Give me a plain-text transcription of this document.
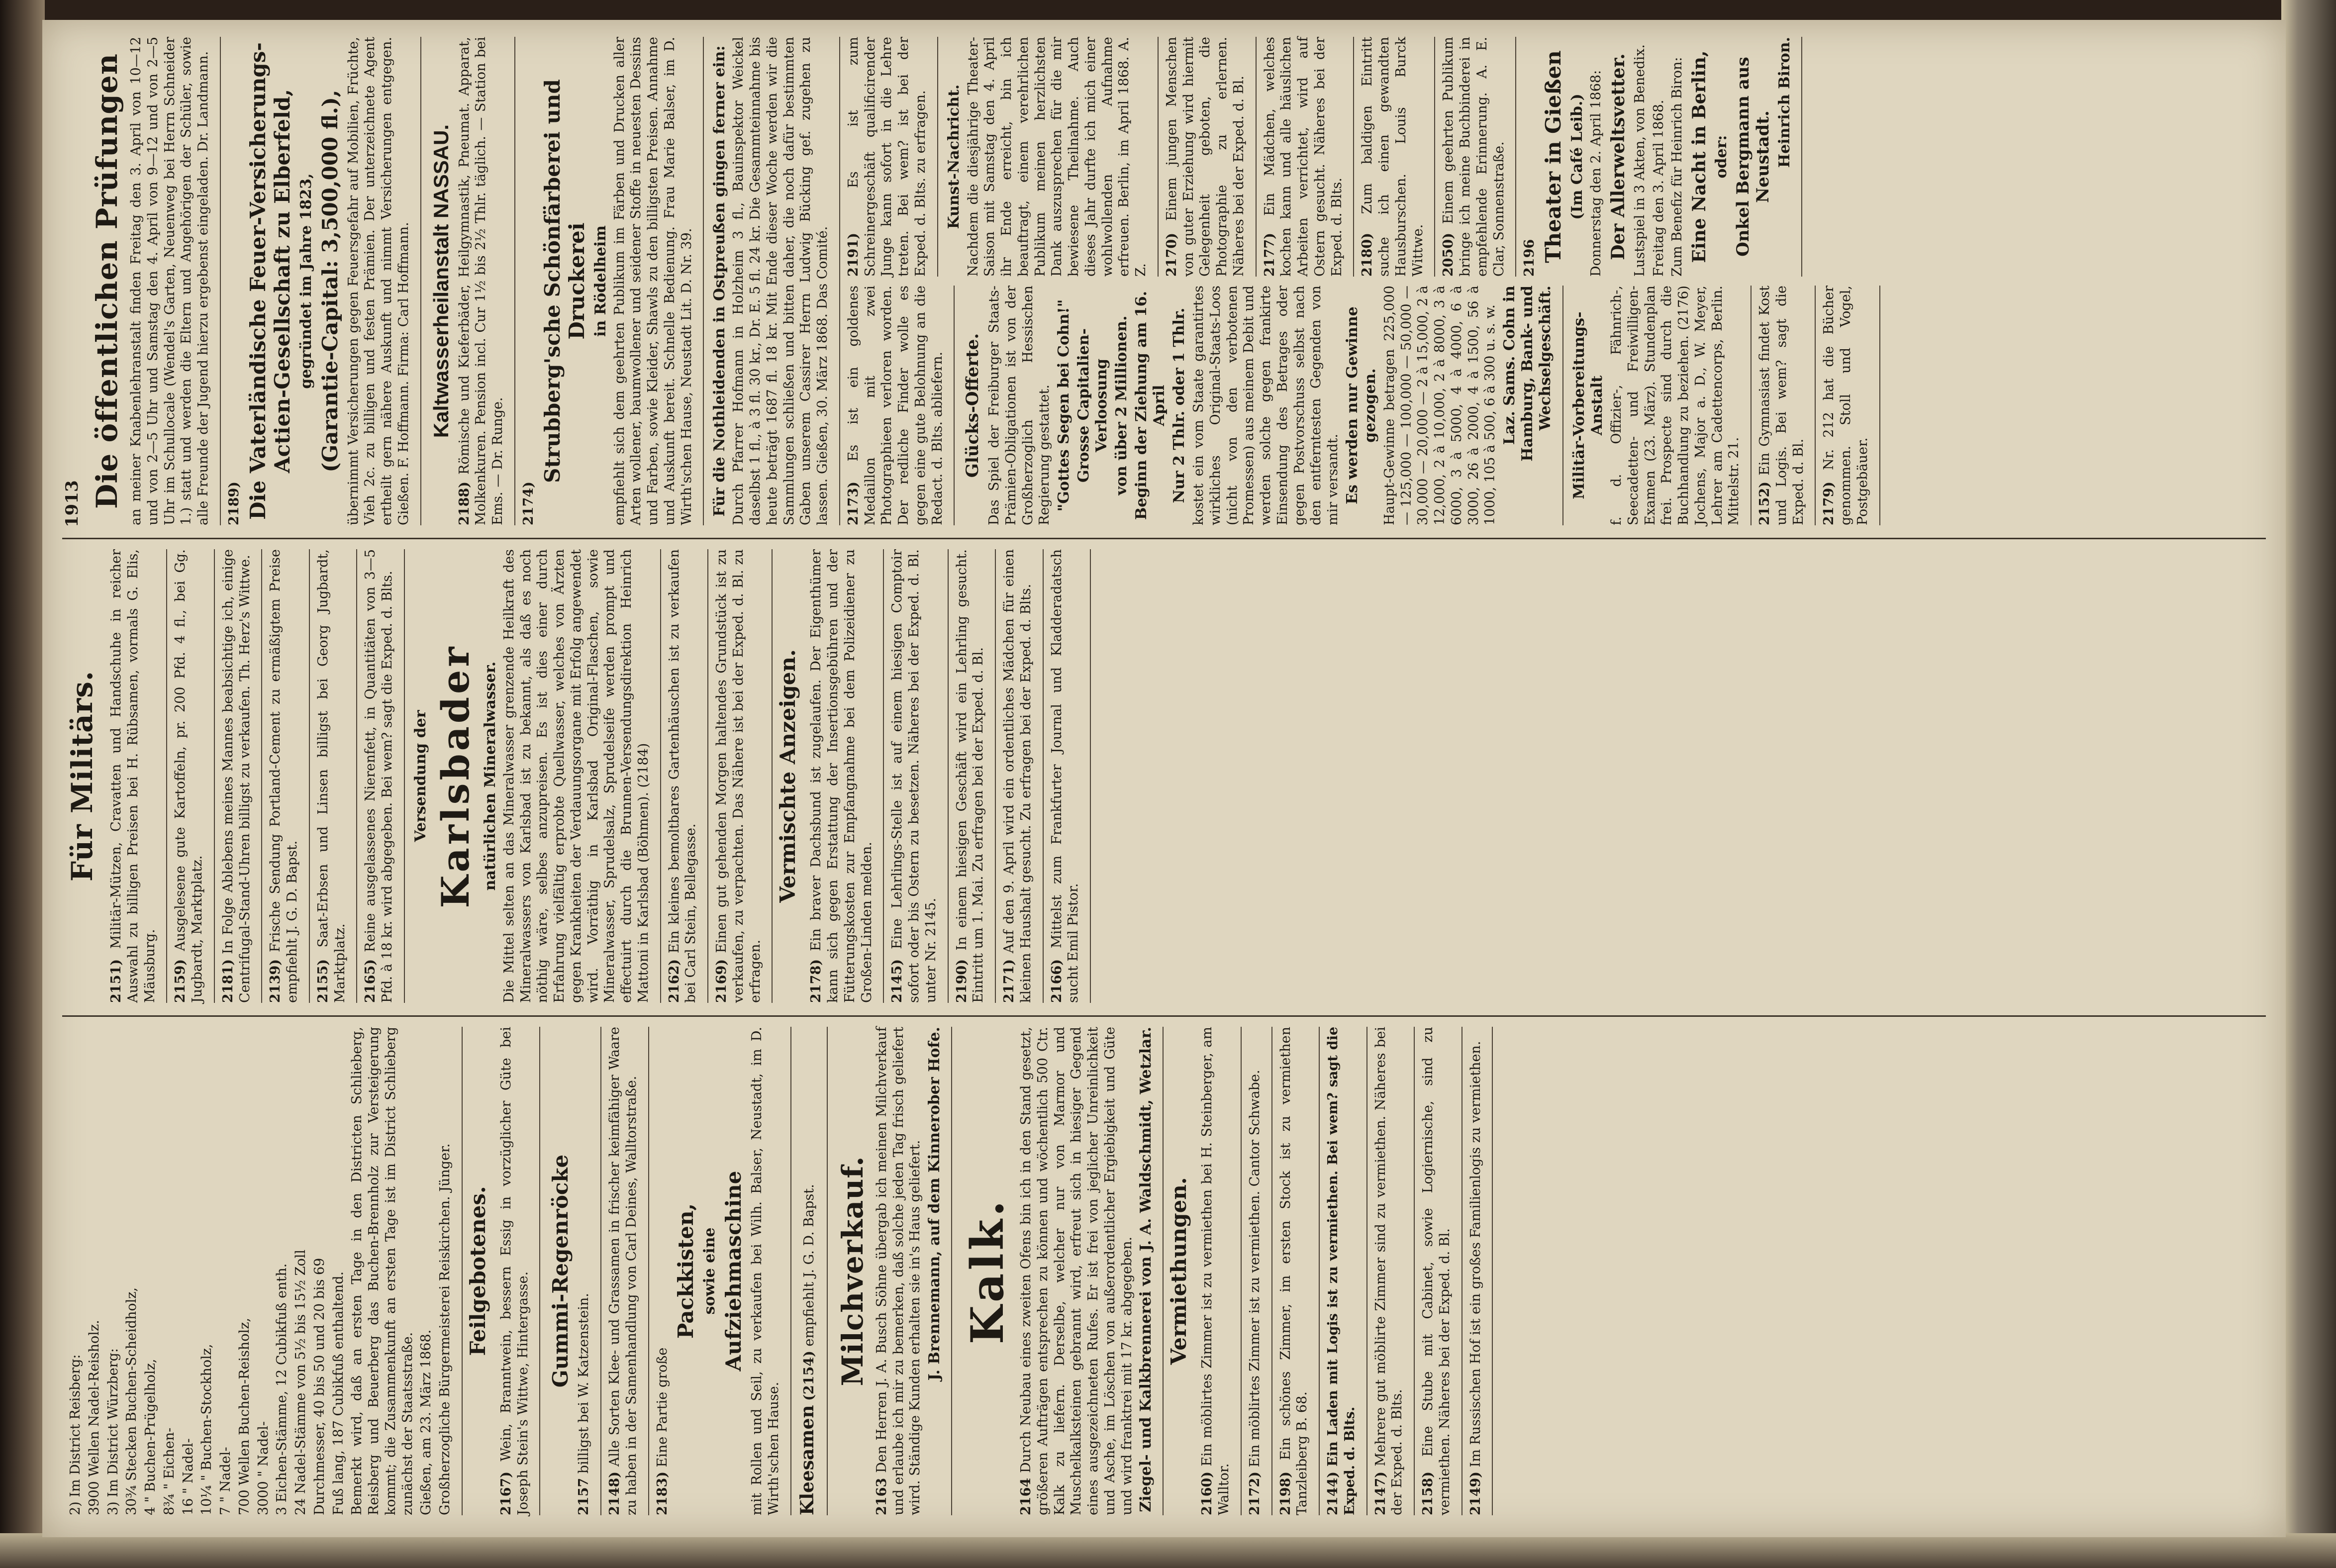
2) Im District Reisberg: 3900 Wellen Nadel-Reisholz. 3) Im District Würzberg: 30¾ Stecken Buchen-Scheidholz, 4 " Buchen-Prügelholz, 8¾ " Eichen- 16 " Nadel- 10¼ " Buchen-Stockholz, 7 " Nadel- 700 Wellen Buchen-Reisholz, 3000 " Nadel- 3 Eichen-Stämme, 12 Cubikfuß enth. 24 Nadel-Stämme von 5½ bis 15½ Zoll Durchmesser, 40 bis 50 und 20 bis 69 Fuß lang, 187 Cubikfuß enthaltend. Bemerkt wird, daß an ersten Tage in den Districten Schlieberg, Reisberg und Beuerberg das Buchen-Brennholz zur Versteigerung kommt; die Zusammenkunft an ersten Tage ist im District Schlieberg zunächst der Staatsstraße. Gießen, am 23. März 1868. Großherzogliche Bürgermeisterei Reiskirchen. Jünger. Feilgebotenes.

2167) Wein, Branntwein, bessern Essig in vorzüglicher Güte bei Joseph Stein's Wittwe, Hintergasse.

Gummi-Regenröcke

2157 billigst bei W. Katzenstein.

2148) Alle Sorten Klee- und Grassamen in frischer keimfähiger Waare zu haben in der Samenhandlung von Carl Deines, Walltorstraße. 2183) Eine Partie große

Packkisten, sowie eine Aufziehmaschine mit Rollen und Seil, zu verkaufen bei Wilh. Balser, Neustadt, im D. Wirth'schen Hause. Kleesamen (2154) empfiehlt J. G. D. Bapst. Milchverkauf.

2163 Den Herren J. A. Busch Söhne übergab ich meinen Milchverkauf und erlaube ich mir zu bemerken, daß solche jeden Tag frisch geliefert wird. Ständige Kunden erhalten sie in's Haus geliefert. J. Brennemann, auf dem Kinnerober Hofe. Kalk.

2164 Durch Neubau eines zweiten Ofens bin ich in den Stand gesetzt, größeren Aufträgen entsprechen zu können und wöchentlich 500 Ctr. Kalk zu liefern. Derselbe, welcher nur von Marmor und Muschelkalksteinen gebrannt wird, erfreut sich in hiesiger Gegend eines ausgezeichneten Rufes. Er ist frei von jeglicher Unreinlichkeit und Asche, im Löschen von außerordentlicher Ergiebigkeit und Güte und wird franktrei mit 17 kr. abgegeben. Ziegel- und Kalkbrennerei von J. A. Waldschmidt, Wetzlar. Vermiethungen.

2160) Ein möblirtes Zimmer ist zu vermiethen bei H. Steinberger, am Walltor. 2172) Ein möblirtes Zimmer ist zu vermiethen. Cantor Schwabe.

2198) Ein schönes Zimmer, im ersten Stock ist zu vermiethen Tanzleiberg B. 68. 2144) Ein Laden mit Logis ist zu vermiethen. Bei wem? sagt die Exped. d. Blts. 2147) Mehrere gut möblirte Zimmer sind zu vermiethen. Näheres bei der Exped. d. Blts. 2158) Eine Stube mit Cabinet, sowie Logiernische, sind zu vermiethen. Näheres bei der Exped. d. Bl. 2149) Im Russischen Hof ist ein großes Familienlogis zu vermiethen.

Für Militärs.

2151) Militär-Mützen, Cravatten und Handschuhe in reicher Auswahl zu billigen Preisen bei H. Rübsamen, vormals G. Elis, Mäusburg. 2159) Ausgelesene gute Kartoffeln, pr. 200 Pfd. 4 fl., bei Gg. Jugbardt, Marktplatz. 2181) In Folge Ablebens meines Mannes beabsichtige ich, einige Centrifugal-Stand-Uhren billigst zu verkaufen. Th. Herz's Wittwe. 2139) Frische Sendung Portland-Cement zu ermäßigtem Preise empfiehlt J. G. D. Bapst. 2155) Saat-Erbsen und Linsen billigst bei Georg Jugbardt, Marktplatz. 2165) Reine ausgelassenes Nierenfett, in Quantitäten von 3—5 Pfd. à 18 kr. wird abgegeben. Bei wem? sagt die Exped. d. Blts. Versendung der Karlsbader natürlichen Mineralwasser. Die Mittel selten an das Mineralwasser grenzende Heilkraft des Mineralwassers von Karlsbad ist zu bekannt, als daß es noch nöthig wäre, selbes anzupreisen. Es ist dies einer durch Erfahrung vielfältig erprobte Quellwasser, welches von Ärzten gegen Krankheiten der Verdauungsorgane mit Erfolg angewendet wird. Vorräthig in Karlsbad Original-Flaschen, sowie Mineralwasser, Sprudelsalz, Sprudelseife werden prompt und effectuirt durch die Brunnen-Versendungsdirektion Heinrich Mattoni in Karlsbad (Böhmen). (2184) 2162) Ein kleines bemoltbares Gartenhäuschen ist zu verkaufen bei Carl Stein, Bellegasse. 2169) Einen gut gehenden Morgen haltendes Grundstück ist zu verkaufen, zu verpachten. Das Nähere ist bei der Exped. d. Bl. zu erfragen.

Vermischte Anzeigen.

2178) Ein braver Dachsbund ist zugelaufen. Der Eigenthümer kann sich gegen Erstattung der Insertionsgebühren und der Fütterungskosten zur Empfangnahme bei dem Polizeidiener zu Großen-Linden melden. 2145) Eine Lehrlings-Stelle ist auf einem hiesigen Comptoir sofort oder bis Ostern zu besetzen. Näheres bei der Exped. d. Bl. unter Nr. 2145. 2190) In einem hiesigen Geschäft wird ein Lehrling gesucht. Eintritt um 1. Mai. Zu erfragen bei der Exped. d. Bl. 2171) Auf den 9. April wird ein ordentliches Mädchen für einen kleinen Haushalt gesucht. Zu erfragen bei der Exped. d. Blts. 2166) Mittelst zum Frankfurter Journal und Kladderadatsch sucht Emil Pistor.

1913 Die öffentlichen Prüfungen an meiner Knabenlehranstalt finden Freitag den 3. April von 10—12 und von 2—5 Uhr und Samstag den 4. April von 9—12 und von 2—5 Uhr im Schullocale (Wendel's Garten, Neuenweg bei Herrn Schneider 1.) statt und werden die Eltern und Angehörigen der Schüler, sowie alle Freunde der Jugend hierzu ergebenst eingeladen. Dr. Landmann. 2189) Die Vaterländische Feuer-Versicherungs-Actien-Gesellschaft zu Elberfeld, gegründet im Jahre 1823, (Garantie-Capital: 3,500,000 fl.), übernimmt Versicherungen gegen Feuersgefahr auf Mobilien, Früchte, Vieh 2c. zu billigen und festen Prämien. Der unterzeichnete Agent ertheilt gern nähere Auskunft und nimmt Versicherungen entgegen. Gießen. F. Hoffmann. Firma: Carl Hoffmann. Kaltwasserheilanstalt NASSAU.

2188) Römische und Kieferbäder, Heilgymnastik, Pneumat. Apparat, Molkenkuren. Pension incl. Cur 1½ bis 2½ Thlr. täglich. — Station bei Ems. — Dr. Runge. 2174)

Strubberg'sche Schönfärberei und Druckerei in Rödelheim empfiehlt sich dem geehrten Publikum im Färben und Drucken aller Arten wollener, baumwollener und seidener Stoffe in neuesten Dessins und Farben, sowie Kleider, Shawls zu den billigsten Preisen. Annahme und Auskunft bereit. Schnelle Bedienung. Frau Marie Balser, im D. Wirth'schen Hause, Neustadt Lit. D. Nr. 39. Für die Nothleidenden in Ostpreußen gingen ferner ein: Durch Pfarrer Hofmann in Holzheim 3 fl., Bauinspektor Weickel daselbst 1 fl., à 3 fl. 30 kr., Dr. E. 5 fl. 24 kr. Die Gesammteinnahme bis heute beträgt 1687 fl. 18 kr. Mit Ende dieser Woche werden wir die Sammlungen schließen und bitten daher, die noch dafür bestimmten Gaben unserem Cassirer Herrn Ludwig Bücking gef. zugehen zu lassen. Gießen, 30. März 1868. Das Comité. 2173) Es ist ein goldenes Medaillon mit zwei Photographieen verloren worden. Der redliche Finder wolle es gegen eine gute Belohnung an die Redact. d. Blts. abliefern. Glücks-Offerte. Das Spiel der Freiburger Staats-Prämien-Obligationen ist von der Großherzoglich Hessischen Regierung gestattet. "Gottes Segen bei Cohn!" Grosse Capitalien-Verloosung von über 2 Millionen. Beginn der Ziehung am 16. April Nur 2 Thlr. oder 1 Thlr. kostet ein vom Staate garantirtes wirkliches Original-Staats-Loos (nicht von den verbotenen Promessen) aus meinem Debit und werden solche gegen frankirte Einsendung des Betrages oder gegen Postvorschuss selbst nach den entferntesten Gegenden von mir versandt. Es werden nur Gewinne gezogen. Haupt-Gewinne betragen 225,000 — 125,000 — 100,000 — 50,000 — 30,000 — 20,000 — 2 à 15,000, 2 à 12,000, 2 à 10,000, 2 à 8000, 3 à 6000, 3 à 5000, 4 à 4000, 6 à 3000, 26 à 2000, 4 à 1500, 56 à 1000, 105 à 500, 6 à 300 u. s. w. Laz. Sams. Cohn in Hamburg, Bank- und Wechselgeschäft. Militär-Vorbereitungs-Anstalt f. d. Offizier-, Fähnrich-, Seecadetten- und Freiwilligen-Examen (23. März). Stundenplan frei. Prospecte sind durch die Buchhandlung zu beziehen. (2176) Jochens, Major a. D., W. Meyer, Lehrer am Cadettencorps, Berlin. Mittelstr. 21. 2152) Ein Gymnasiast findet Kost und Logis. Bei wem? sagt die Exped. d. Bl. 2179) Nr. 212 hat die Bücher genommen. Stoll und Vogel, Postgebäuer.

2191) Es ist zum Schreinergeschäft qualificirender Junge kann sofort in die Lehre treten. Bei wem? ist bei der Exped. d. Blts. zu erfragen. Kunst-Nachricht. Nachdem die diesjährige Theater-Saison mit Samstag den 4. April ihr Ende erreicht, bin ich beauftragt, einem verehrlichen Publikum meinen herzlichsten Dank auszusprechen für die mir bewiesene Theilnahme. Auch dieses Jahr durfte ich mich einer wohlwollenden Aufnahme erfreuen. Berlin, im April 1868. A. Z. 2170) Einem jungen Menschen von guter Erziehung wird hiermit Gelegenheit geboten, die Photographie zu erlernen. Näheres bei der Exped. d. Bl. 2177) Ein Mädchen, welches kochen kann und alle häuslichen Arbeiten verrichtet, wird auf Ostern gesucht. Näheres bei der Exped. d. Blts. 2180) Zum baldigen Eintritt suche ich einen gewandten Hausburschen. Louis Burck Wittwe. 2050) Einem geehrten Publikum bringe ich meine Buchbinderei in empfehlende Erinnerung. A. E. Clar, Sonnenstraße. 2196 Theater in Gießen (Im Café Leib.) Donnerstag den 2. April 1868: Der Allerweltsvetter. Lustspiel in 3 Akten, von Benedix. Freitag den 3. April 1868. Zum Benefiz für Heinrich Biron: Eine Nacht in Berlin, oder: Onkel Bergmann aus Neustadt. Heinrich Biron.
